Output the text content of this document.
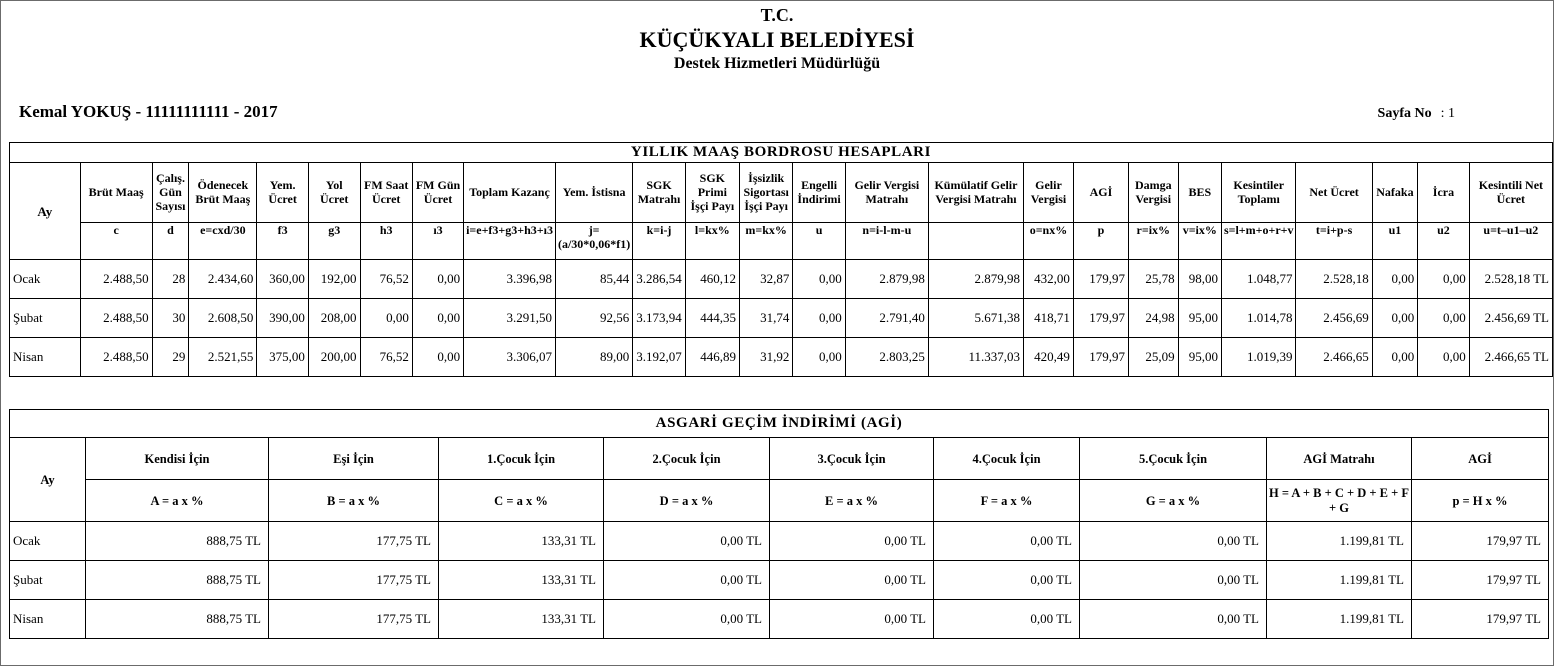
T.C.
KÜÇÜKYALI BELEDİYESİ
Destek Hizmetleri Müdürlüğü
Kemal YOKUŞ - 11111111111 - 2017	Sayfa No : 1
YILLIK MAAŞ BORDROSU HESAPLARI																								
Ay	Brüt Maaş	Çalış. Gün Sayısı	Ödenecek Brüt Maaş	Yem. Ücret	Yol Ücret	FM Saat Ücret	FM Gün Ücret	Toplam Kazanç	Yem. İstisna	SGK Matrahı	SGK Primi İşçi Payı	İşsizlik Sigortası İşçi Payı	Engelli İndirimi	Gelir Vergisi Matrahı	Kümülatif Gelir Vergisi Matrahı	Gelir Vergisi	AGİ	Damga Vergisi	BES	Kesintiler Toplamı	Net Ücret	Nafaka	İcra	Kesintili Net Ücret
	c	d	e=cxd/30	f3	g3	h3	ı3	i=e+f3+g3+h3+ı3	j=(a/30*0,06*f1)	k=i-j	l=kx%	m=kx%	u	n=i-l-m-u		o=nx%	p	r=ix%	v=ix%	s=l+m+o+r+v	t=i+p-s	u1	u2	u=t–u1–u2
Ocak	2.488,50	28	2.434,60	360,00	192,00	76,52	0,00	3.396,98	85,44	3.286,54	460,12	32,87	0,00	2.879,98	2.879,98	432,00	179,97	25,78	98,00	1.048,77	2.528,18	0,00	0,00	2.528,18 TL
Şubat	2.488,50	30	2.608,50	390,00	208,00	0,00	0,00	3.291,50	92,56	3.173,94	444,35	31,74	0,00	2.791,40	5.671,38	418,71	179,97	24,98	95,00	1.014,78	2.456,69	0,00	0,00	2.456,69 TL
Nisan	2.488,50	29	2.521,55	375,00	200,00	76,52	0,00	3.306,07	89,00	3.192,07	446,89	31,92	0,00	2.803,25	11.337,03	420,49	179,97	25,09	95,00	1.019,39	2.466,65	0,00	0,00	2.466,65 TL
ASGARİ GEÇİM İNDİRİMİ (AGİ)									
Ay	Kendisi İçin	Eşi İçin	1.Çocuk İçin	2.Çocuk İçin	3.Çocuk İçin	4.Çocuk İçin	5.Çocuk İçin	AGİ Matrahı	AGİ
	A = a x %	B = a x %	C = a x %	D = a x %	E = a x %	F = a x %	G = a x %	H = A + B + C + D + E + F + G	p = H x %
Ocak	888,75 TL	177,75 TL	133,31 TL	0,00 TL	0,00 TL	0,00 TL	0,00 TL	1.199,81 TL	179,97 TL
Şubat	888,75 TL	177,75 TL	133,31 TL	0,00 TL	0,00 TL	0,00 TL	0,00 TL	1.199,81 TL	179,97 TL
Nisan	888,75 TL	177,75 TL	133,31 TL	0,00 TL	0,00 TL	0,00 TL	0,00 TL	1.199,81 TL	179,97 TL
